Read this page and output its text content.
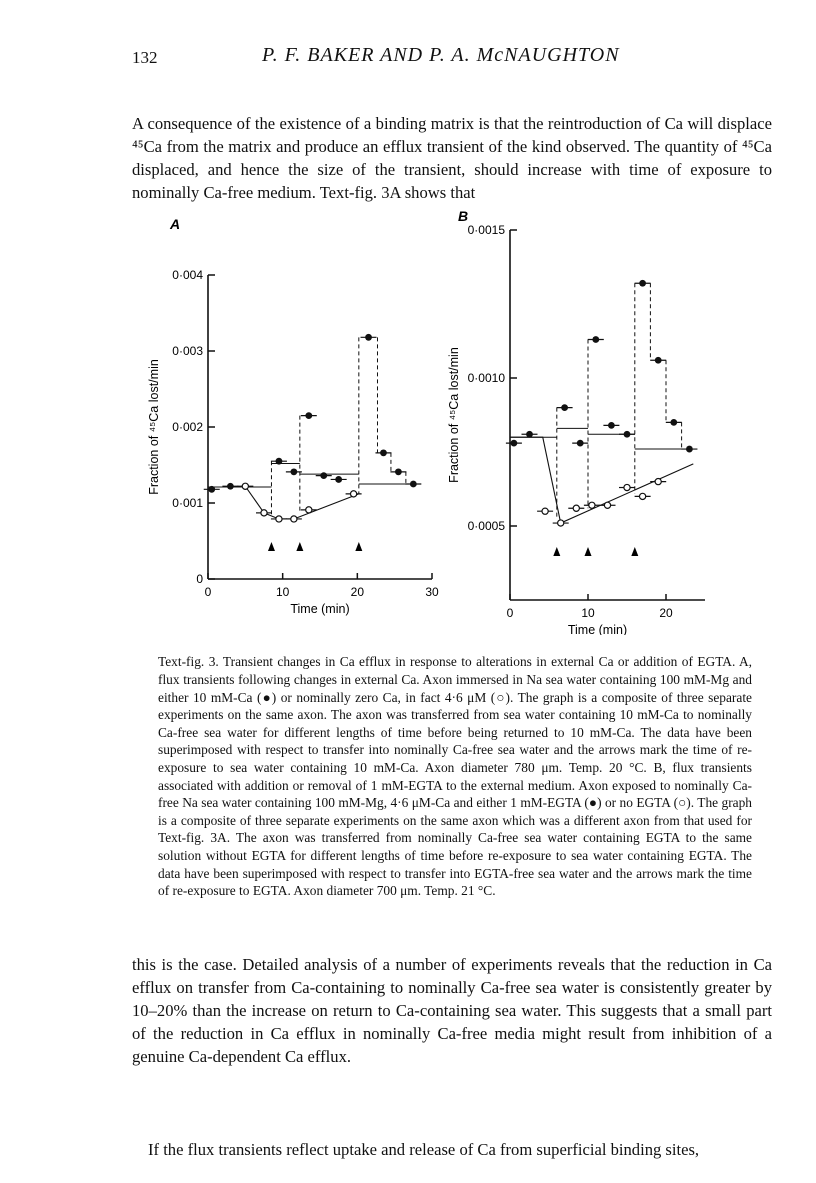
132	P. F. BAKER AND P. A. McNAUGHTON

A consequence of the existence of a binding matrix is that the reintroduction of Ca will displace ⁴⁵Ca from the matrix and produce an efflux transient of the kind observed. The quantity of ⁴⁵Ca displaced, and hence the size of the transient, should increase with time of exposure to nominally Ca-free medium. Text-fig. 3A shows that

A
0
0·001
0·002
0·003
0·004
0	10	20	30
Time (min)
Fraction of ⁴⁵Ca lost/min
B
0·0005
0·0010
0·0015
0	10	20
Time (min)
Fraction of ⁴⁵Ca lost/min

Text-fig. 3. Transient changes in Ca efflux in response to alterations in external Ca or addition of EGTA. A, flux transients following changes in external Ca. Axon immersed in Na sea water containing 100 mM-Mg and either 10 mM-Ca (●) or nominally zero Ca, in fact 4·6 μM (○). The graph is a composite of three separate experiments on the same axon. The axon was transferred from sea water containing 10 mM-Ca to nominally Ca-free sea water for different lengths of time before being returned to 10 mM-Ca. The data have been superimposed with respect to transfer into nominally Ca-free sea water and the arrows mark the time of re-exposure to sea water containing 10 mM-Ca. Axon diameter 780 μm. Temp. 20 °C. B, flux transients associated with addition or removal of 1 mM-EGTA to the external medium. Axon exposed to nominally Ca-free Na sea water containing 100 mM-Mg, 4·6 μM-Ca and either 1 mM-EGTA (●) or no EGTA (○). The graph is a composite of three separate experiments on the same axon which was a different axon from that used for Text-fig. 3A. The axon was transferred from nominally Ca-free sea water containing EGTA to the same solution without EGTA for different lengths of time before re-exposure to sea water containing EGTA. The data have been superimposed with respect to transfer into EGTA-free sea water and the arrows mark the time of re-exposure to EGTA. Axon diameter 700 μm. Temp. 21 °C.

this is the case. Detailed analysis of a number of experiments reveals that the reduction in Ca efflux on transfer from Ca-containing to nominally Ca-free sea water is consistently greater by 10–20% than the increase on return to Ca-containing sea water. This suggests that a small part of the reduction in Ca efflux in nominally Ca-free media might result from inhibition of a genuine Ca-dependent Ca efflux.

If the flux transients reflect uptake and release of Ca from superficial binding sites,
